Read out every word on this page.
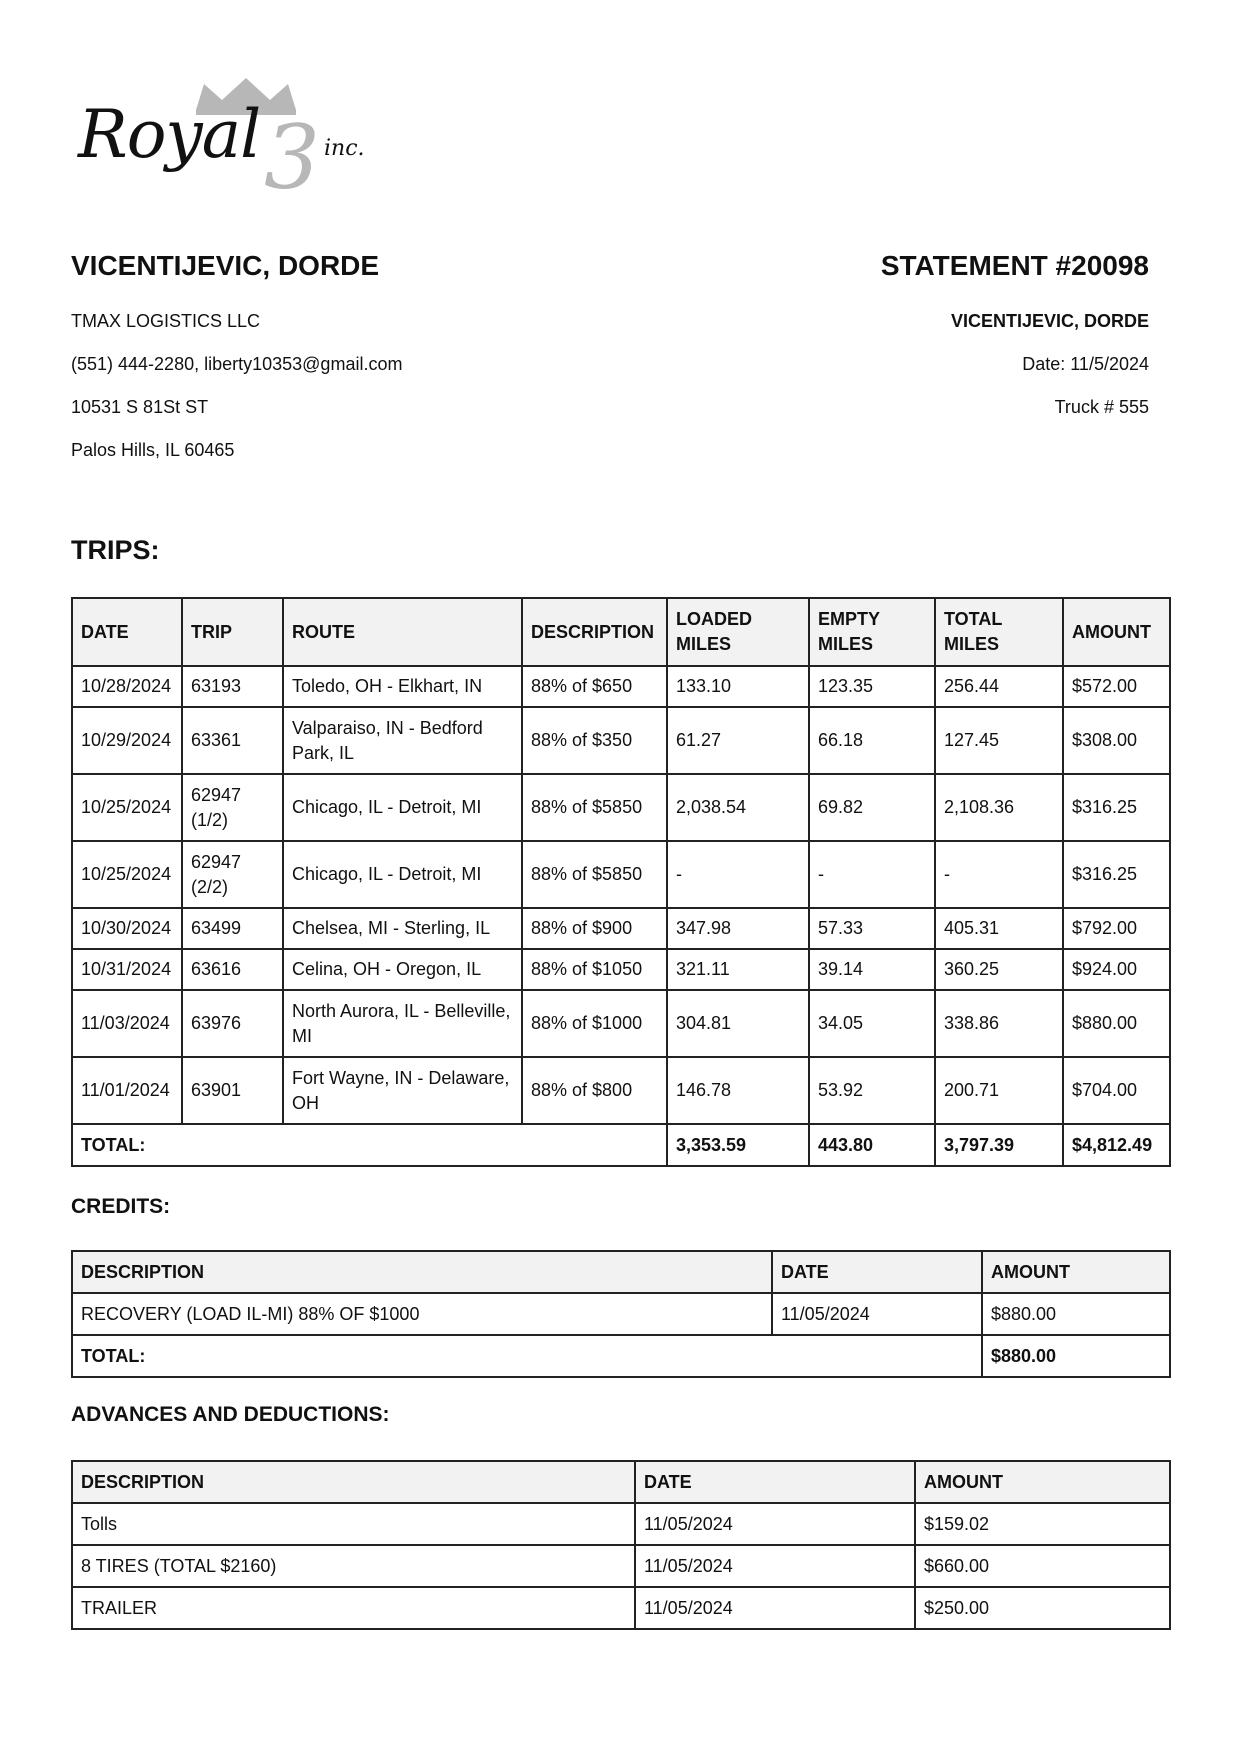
Royal 3 inc.
VICENTIJEVIC, DORDE
TMAX LOGISTICS LLC
(551) 444-2280, liberty10353@gmail.com
10531 S 81St ST
Palos Hills, IL 60465
STATEMENT #20098
VICENTIJEVIC, DORDE
Date: 11/5/2024
Truck # 555
TRIPS:
DATE	TRIP	ROUTE	DESCRIPTION	LOADED MILES	EMPTY MILES	TOTAL MILES	AMOUNT
10/28/2024	63193	Toledo, OH - Elkhart, IN	88% of $650	133.10	123.35	256.44	$572.00
10/29/2024	63361	Valparaiso, IN - Bedford Park, IL	88% of $350	61.27	66.18	127.45	$308.00
10/25/2024	62947 (1/2)	Chicago, IL - Detroit, MI	88% of $5850	2,038.54	69.82	2,108.36	$316.25
10/25/2024	62947 (2/2)	Chicago, IL - Detroit, MI	88% of $5850	-	-	-	$316.25
10/30/2024	63499	Chelsea, MI - Sterling, IL	88% of $900	347.98	57.33	405.31	$792.00
10/31/2024	63616	Celina, OH - Oregon, IL	88% of $1050	321.11	39.14	360.25	$924.00
11/03/2024	63976	North Aurora, IL - Belleville, MI	88% of $1000	304.81	34.05	338.86	$880.00
11/01/2024	63901	Fort Wayne, IN - Delaware, OH	88% of $800	146.78	53.92	200.71	$704.00
TOTAL:				3,353.59	443.80	3,797.39	$4,812.49
CREDITS:
DESCRIPTION	DATE	AMOUNT
RECOVERY (LOAD IL-MI) 88% OF $1000	11/05/2024	$880.00
TOTAL:		$880.00
ADVANCES AND DEDUCTIONS:
DESCRIPTION	DATE	AMOUNT
Tolls	11/05/2024	$159.02
8 TIRES (TOTAL $2160)	11/05/2024	$660.00
TRAILER	11/05/2024	$250.00
